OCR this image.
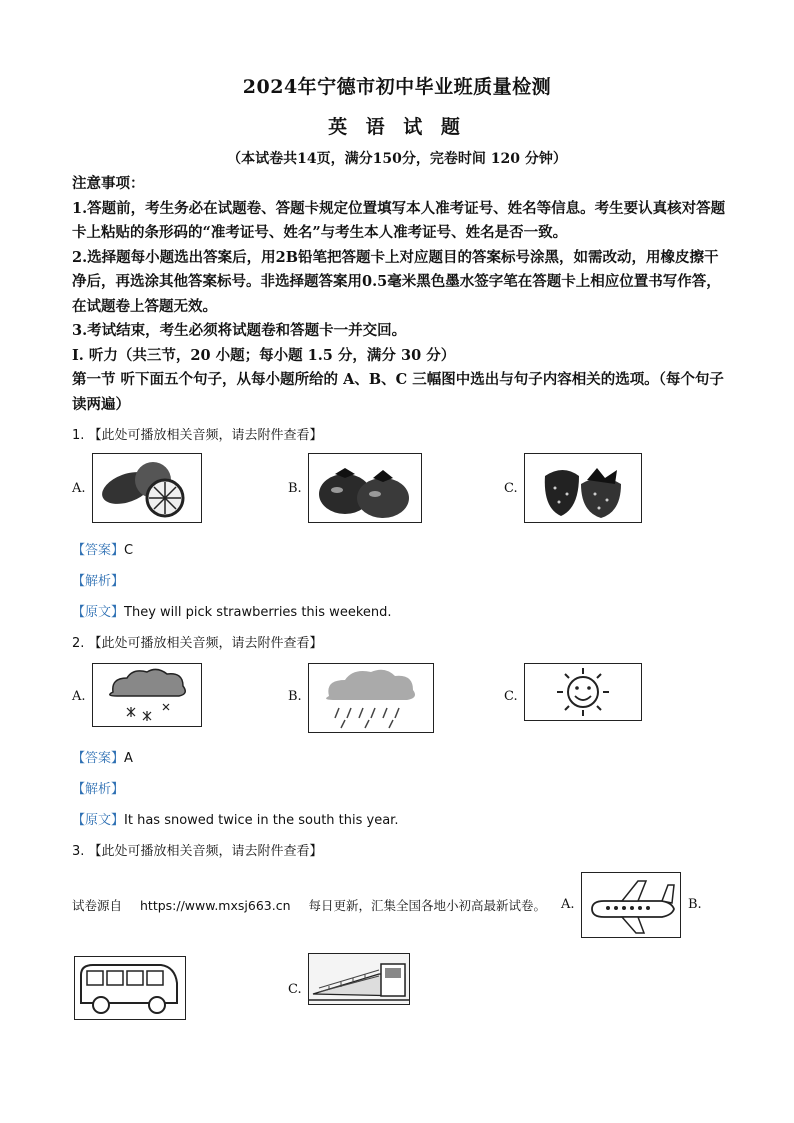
2024年宁德市初中毕业班质量检测
英 语 试 题
（本试卷共14页，满分150分，完卷时间 120 分钟）

注意事项：

1.答题前，考生务必在试题卷、答题卡规定位置填写本人准考证号、姓名等信息。考生要认真核对答题卡上粘贴的条形码的“准考证号、姓名”与考生本人准考证号、姓名是否一致。

2.选择题每小题选出答案后，用2B铅笔把答题卡上对应题目的答案标号涂黑，如需改动，用橡皮擦干净后，再选涂其他答案标号。非选择题答案用0.5毫米黑色墨水签字笔在答题卡上相应位置书写作答，在试题卷上答题无效。

3.考试结束，考生必须将试题卷和答题卡一并交回。

Ⅰ. 听力（共三节，20 小题；每小题 1.5 分，满分 30 分）

第一节 听下面五个句子，从每小题所给的 A、B、C 三幅图中选出与句子内容相关的选项。（每个句子读两遍）

1. 【此处可播放相关音频，请去附件查看】
A.	B.	C.
【答案】C
【解析】
【原文】They will pick strawberries this weekend.
2. 【此处可播放相关音频，请去附件查看】
A.	B.	C.
【答案】A
【解析】
【原文】It has snowed twice in the south this year.
3. 【此处可播放相关音频，请去附件查看】
试卷源自 https://www.mxsj663.cn 每日更新，汇集全国各地小初高最新试卷。	A.	B.
C.
